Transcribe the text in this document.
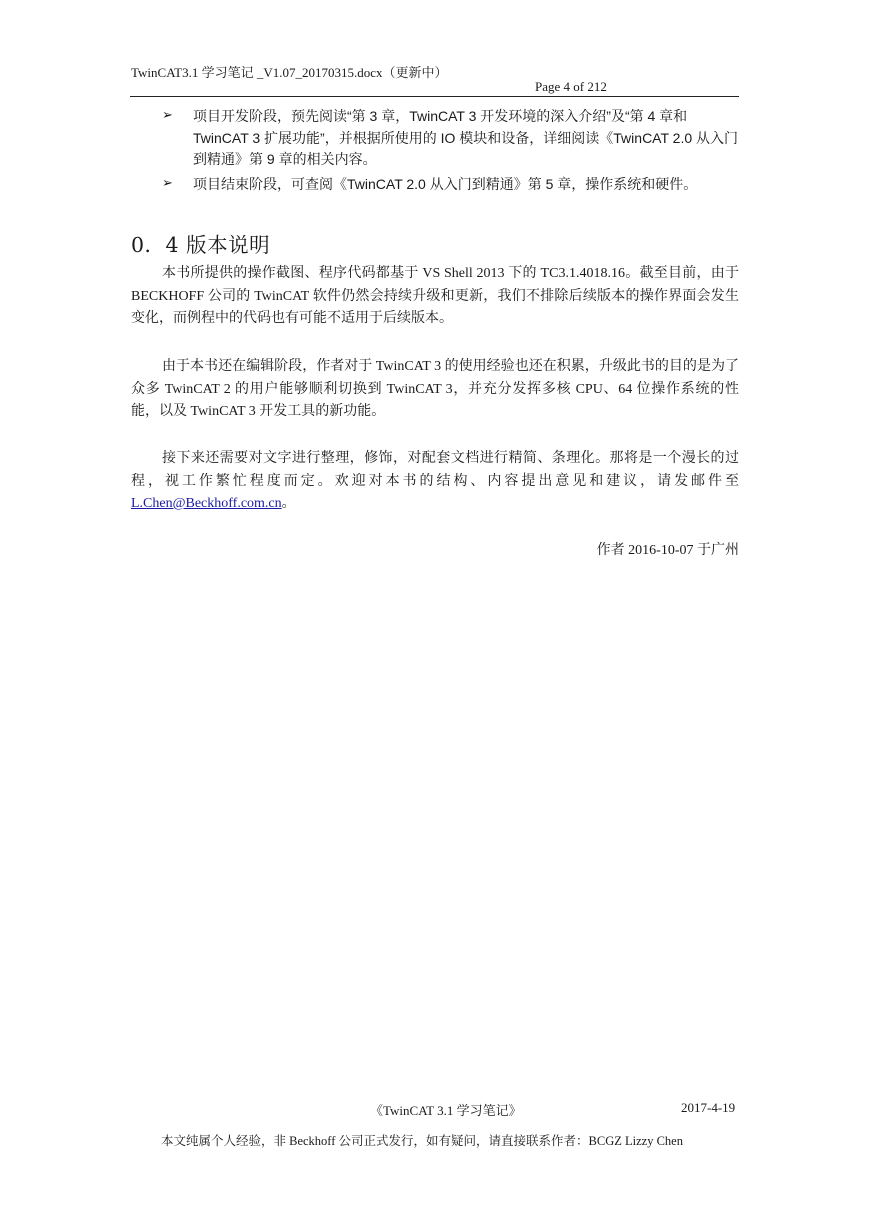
TwinCAT3.1 学习笔记 _V1.07_20170315.docx（更新中）
Page 4 of 212
➢ 项目开发阶段，预先阅读“第 3 章，TwinCAT 3 开发环境的深入介绍”及“第 4 章和 TwinCAT 3 扩展功能”，并根据所使用的 IO 模块和设备，详细阅读《TwinCAT 2.0 从入门到精通》第 9 章的相关内容。
➢ 项目结束阶段，可查阅《TwinCAT 2.0 从入门到精通》第 5 章，操作系统和硬件。
0．4 版本说明

本书所提供的操作截图、程序代码都基于 VS Shell 2013 下的 TC3.1.4018.16。截至目前，由于 BECKHOFF 公司的 TwinCAT 软件仍然会持续升级和更新，我们不排除后续版本的操作界面会发生变化，而例程中的代码也有可能不适用于后续版本。

由于本书还在编辑阶段，作者对于 TwinCAT 3 的使用经验也还在积累，升级此书的目的是为了众多 TwinCAT 2 的用户能够顺利切换到 TwinCAT 3，并充分发挥多核 CPU、64 位操作系统的性能，以及 TwinCAT 3 开发工具的新功能。

接下来还需要对文字进行整理，修饰，对配套文档进行精简、条理化。那将是一个漫长的过程，视工作繁忙程度而定。欢迎对本书的结构、内容提出意见和建议，请发邮件至L.Chen@Beckhoff.com.cn。

作者 2016-10-07 于广州
《TwinCAT 3.1 学习笔记》	2017-4-19
本文纯属个人经验，非 Beckhoff 公司正式发行，如有疑问，请直接联系作者：BCGZ Lizzy Chen
